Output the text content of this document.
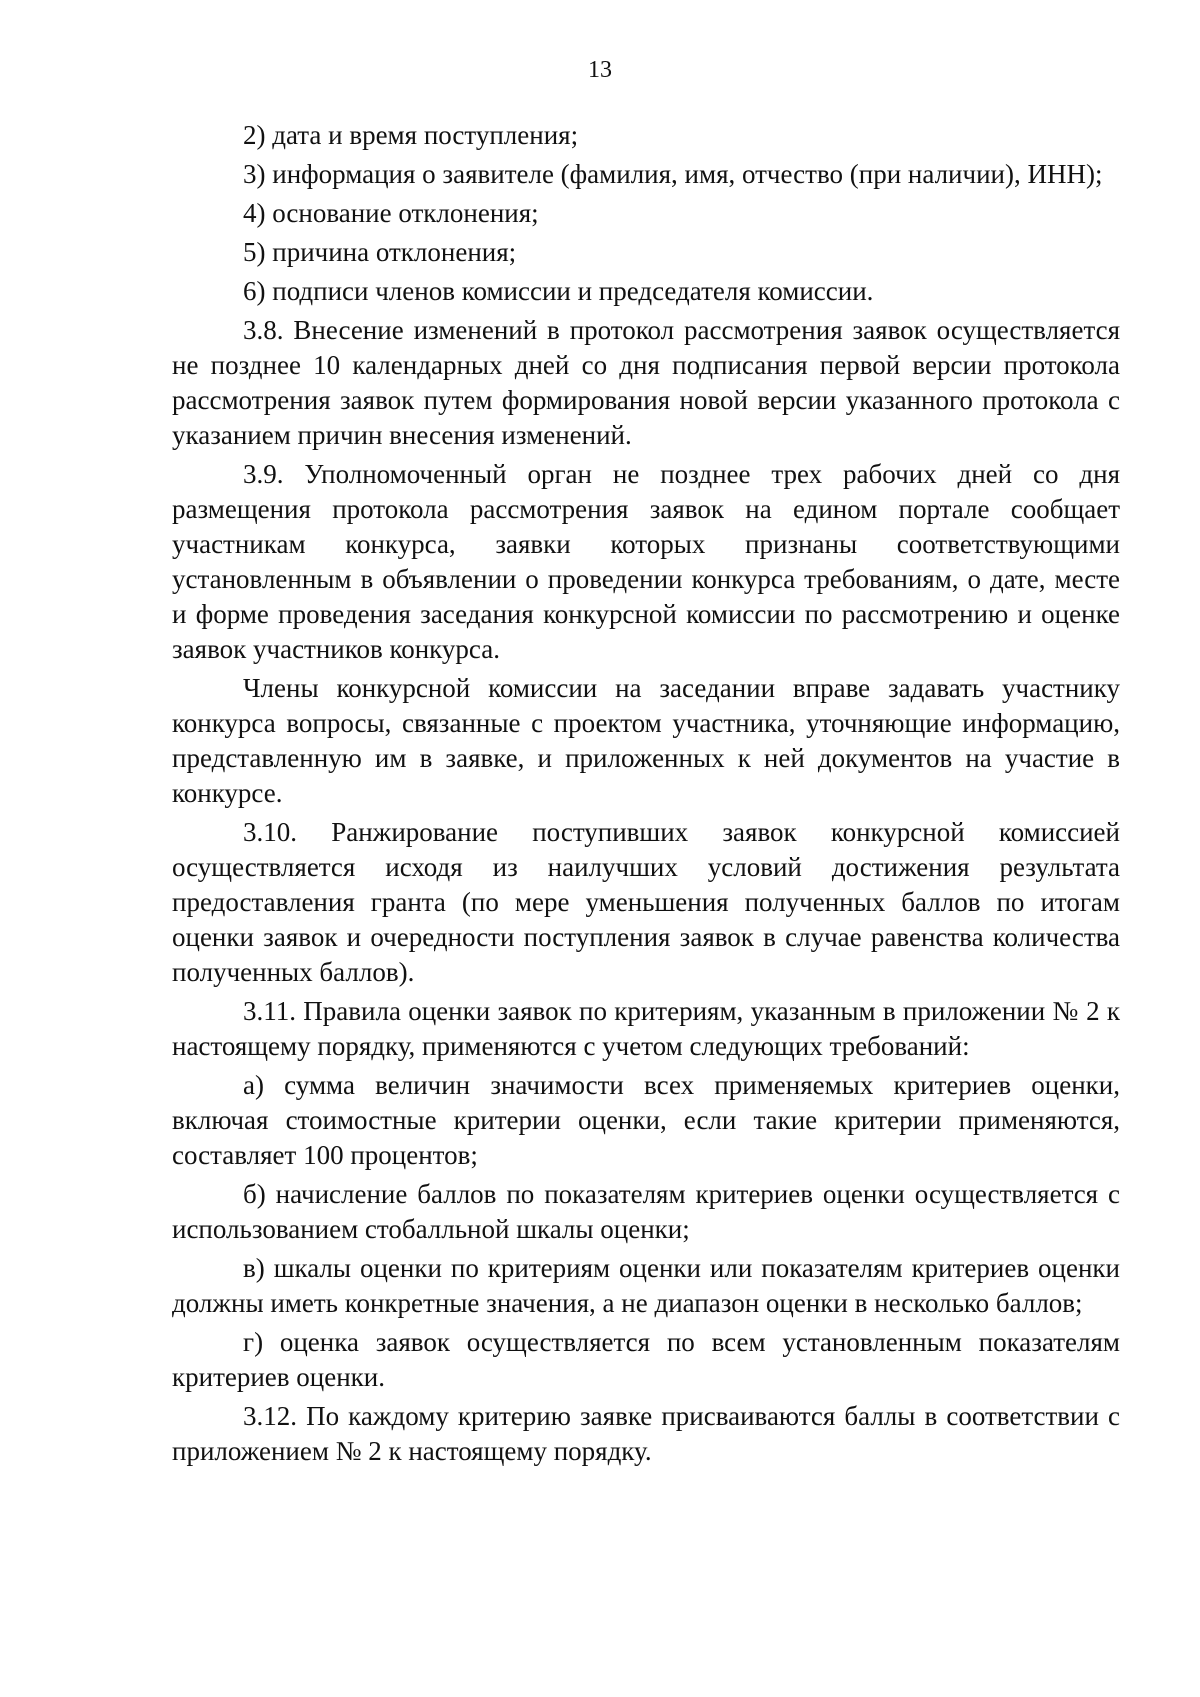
13

2) дата и время поступления;

3) информация о заявителе (фамилия, имя, отчество (при наличии), ИНН);

4) основание отклонения;

5) причина отклонения;

6) подписи членов комиссии и председателя комиссии.

3.8. Внесение изменений в протокол рассмотрения заявок осуществляется не позднее 10 календарных дней со дня подписания первой версии протокола рассмотрения заявок путем формирования новой версии указанного протокола с указанием причин внесения изменений.

3.9. Уполномоченный орган не позднее трех рабочих дней со дня размещения протокола рассмотрения заявок на едином портале сообщает участникам конкурса, заявки которых признаны соответствующими установленным в объявлении о проведении конкурса требованиям, о дате, месте и форме проведения заседания конкурсной комиссии по рассмотрению и оценке заявок участников конкурса.

Члены конкурсной комиссии на заседании вправе задавать участнику конкурса вопросы, связанные с проектом участника, уточняющие информацию, представленную им в заявке, и приложенных к ней документов на участие в конкурсе.

3.10. Ранжирование поступивших заявок конкурсной комиссией осуществляется исходя из наилучших условий достижения результата предоставления гранта (по мере уменьшения полученных баллов по итогам оценки заявок и очередности поступления заявок в случае равенства количества полученных баллов).

3.11. Правила оценки заявок по критериям, указанным в приложении № 2 к настоящему порядку, применяются с учетом следующих требований:

а) сумма величин значимости всех применяемых критериев оценки, включая стоимостные критерии оценки, если такие критерии применяются, составляет 100 процентов;

б) начисление баллов по показателям критериев оценки осуществляется с использованием стобалльной шкалы оценки;

в) шкалы оценки по критериям оценки или показателям критериев оценки должны иметь конкретные значения, а не диапазон оценки в несколько баллов;

г) оценка заявок осуществляется по всем установленным показателям критериев оценки.

3.12. По каждому критерию заявке присваиваются баллы в соответствии с приложением № 2 к настоящему порядку.
